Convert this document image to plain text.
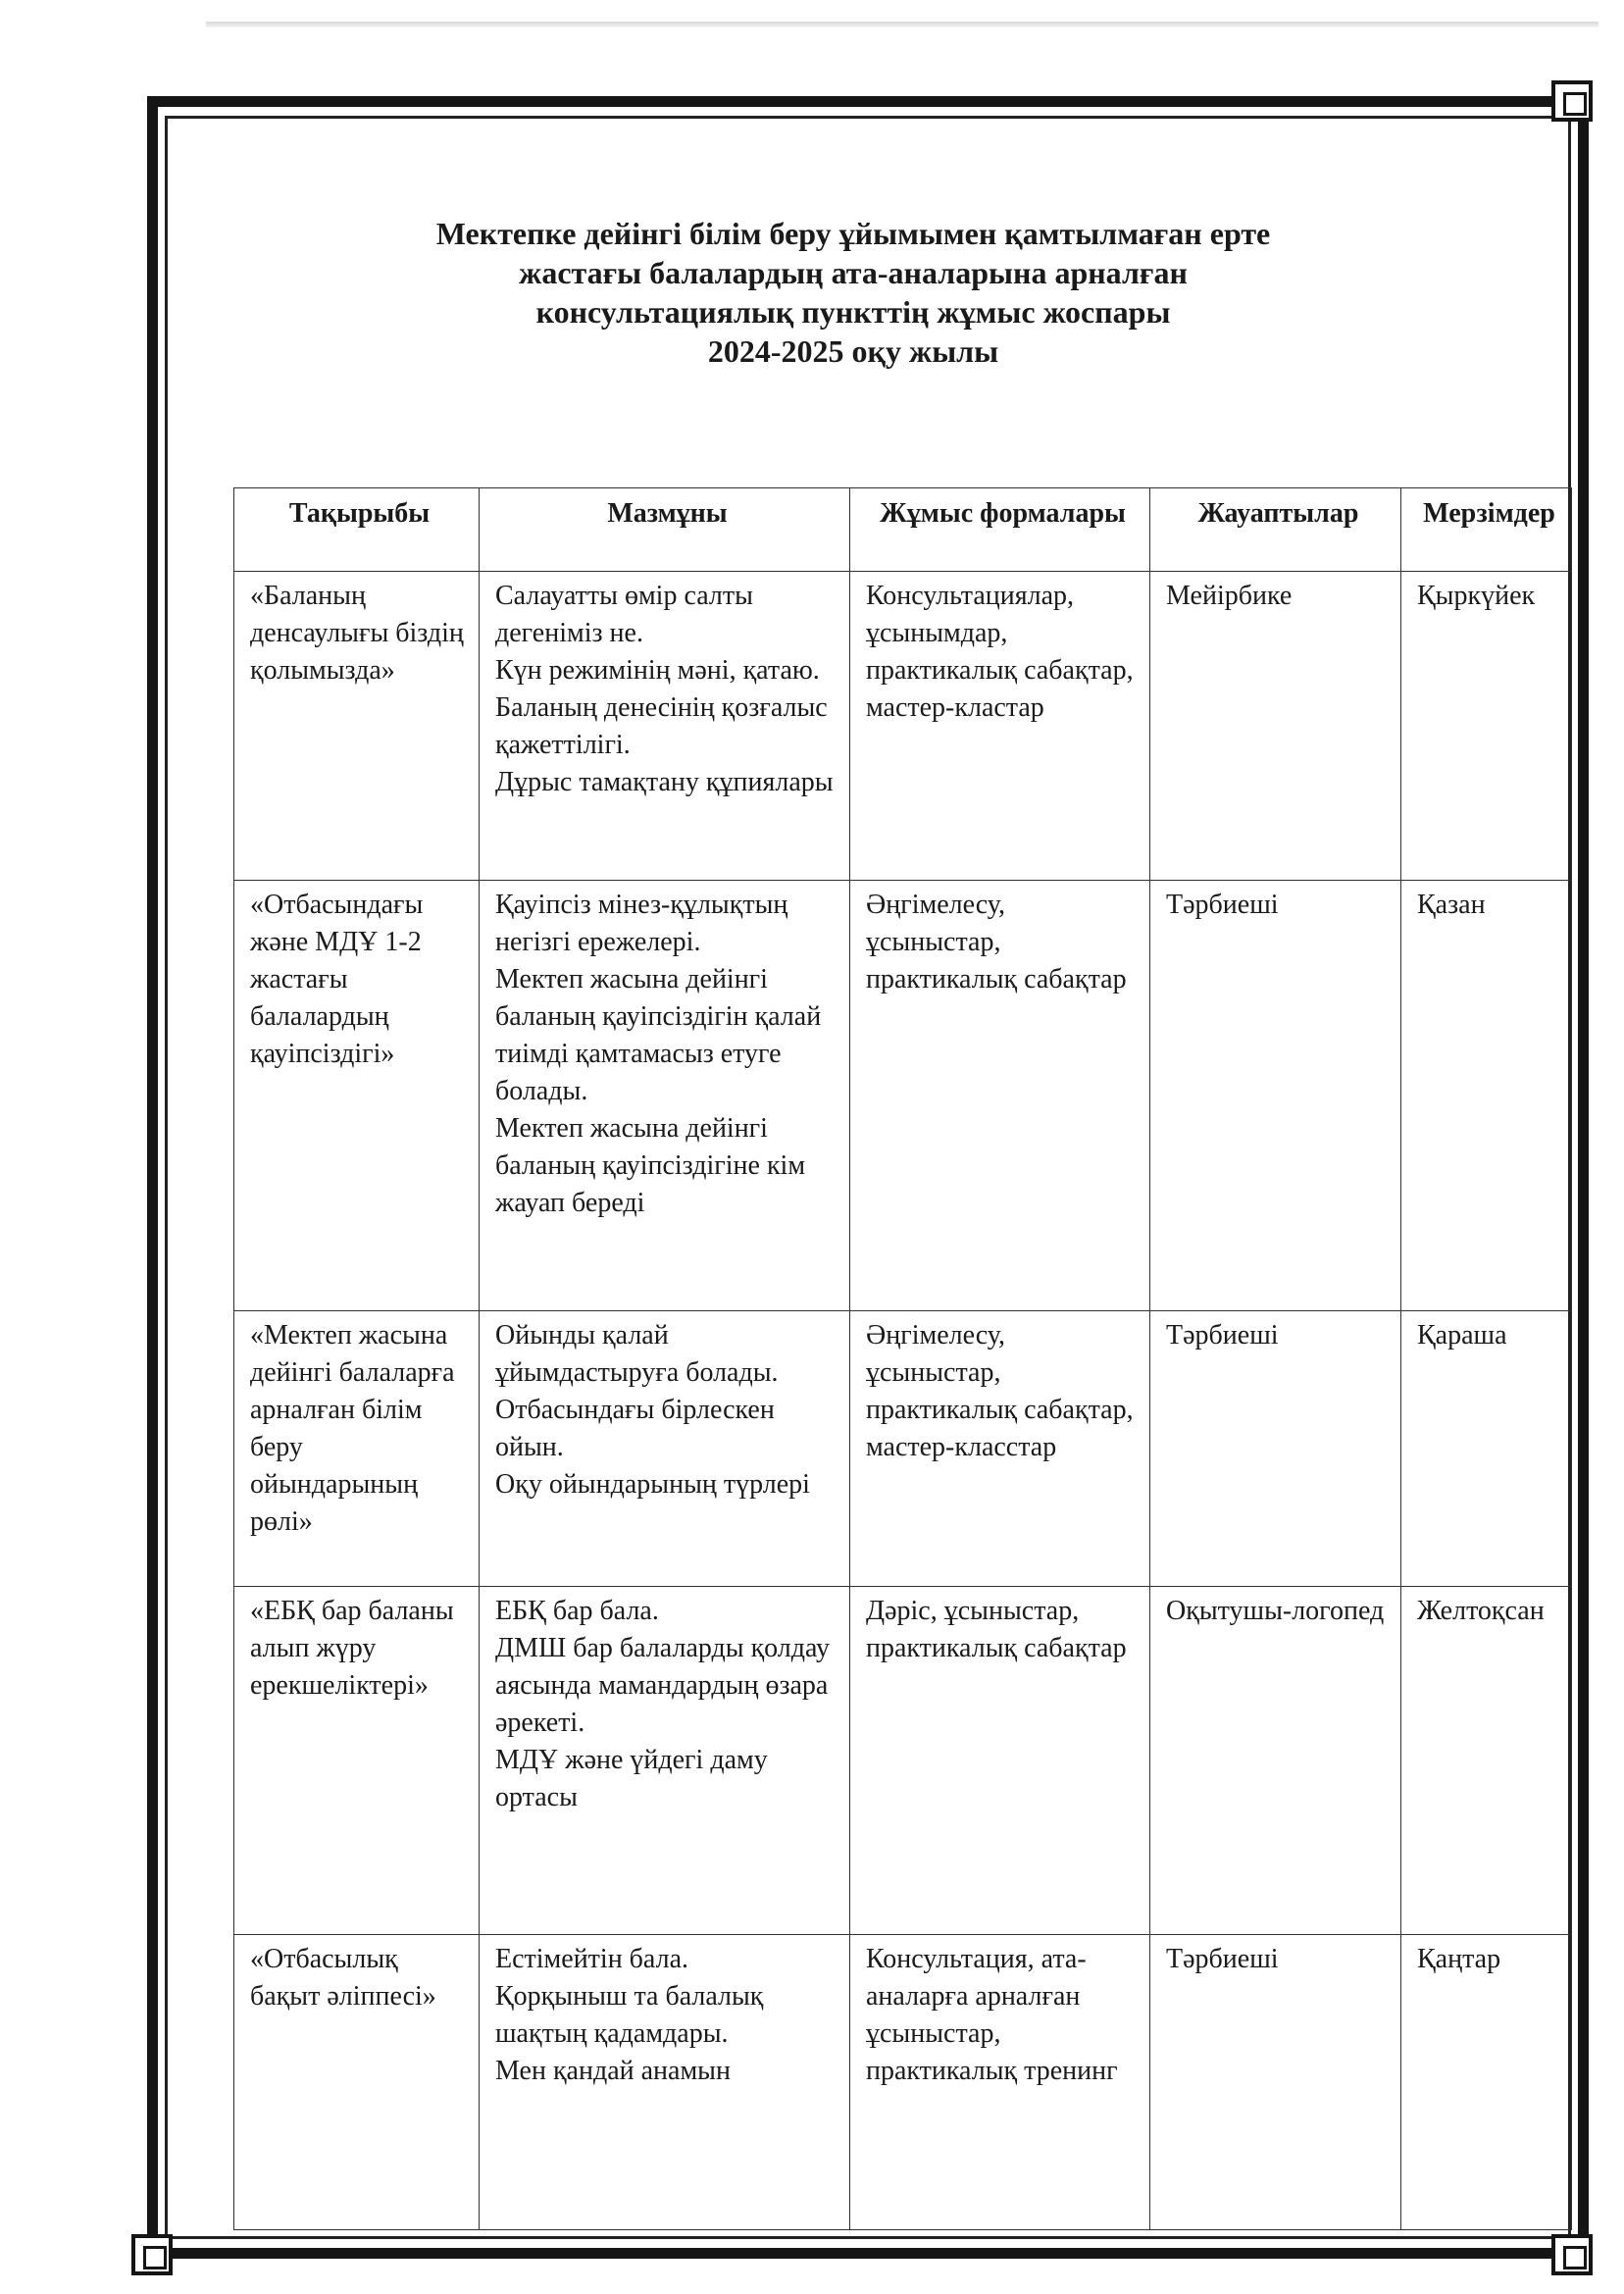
Мектепке дейінгі білім беру ұйымымен қамтылмаған ерте
жастағы балалардың ата-аналарына арналған
консультациялық пункттің жұмыс жоспары
2024-2025 оқу жылы
Тақырыбы	Мазмұны	Жұмыс формалары	Жауаптылар	Мерзімдер
«Баланың денсаулығы біздің қолымызда»	Салауатты өмір салты дегеніміз не.
Күн режимінің мәні, қатаю.
Баланың денесінің қозғалыс қажеттілігі.
Дұрыс тамақтану құпиялары	Консультациялар, ұсынымдар, практикалық сабақтар, мастер-кластар	Мейірбике	Қыркүйек
«Отбасындағы және МДҰ 1-2 жастағы балалардың қауіпсіздігі»	Қауіпсіз мінез-құлықтың негізгі ережелері.
Мектеп жасына дейінгі баланың қауіпсіздігін қалай тиімді қамтамасыз етуге болады.
Мектеп жасына дейінгі баланың қауіпсіздігіне кім жауап береді	Әңгімелесу, ұсыныстар, практикалық сабақтар	Тәрбиеші	Қазан
«Мектеп жасына дейінгі балаларға арналған білім беру ойындарының рөлі»	Ойынды қалай ұйымдастыруға болады.
Отбасындағы бірлескен ойын.
Оқу ойындарының түрлері	Әңгімелесу, ұсыныстар, практикалық сабақтар, мастер-класстар	Тәрбиеші	Қараша
«ЕБҚ бар баланы алып жүру ерекшеліктері»	ЕБҚ бар бала.
ДМШ бар балаларды қолдау аясында мамандардың өзара әрекеті.
МДҰ және үйдегі даму ортасы	Дәріс, ұсыныстар, практикалық сабақтар	Оқытушы-логопед	Желтоқсан
«Отбасылық бақыт әліппесі»	Естімейтін бала.
Қорқыныш та балалық шақтың қадамдары.
Мен қандай анамын	Консультация, ата-аналарға арналған ұсыныстар, практикалық тренинг	Тәрбиеші	Қаңтар
